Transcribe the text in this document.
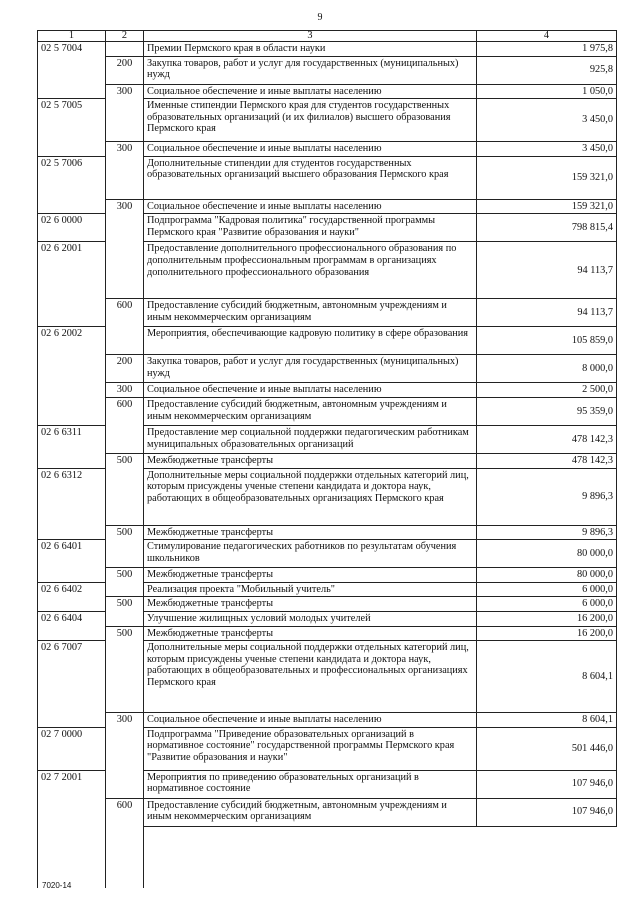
9
1	2	3	4
02 5 7004		Премии Пермского края в области науки	1 975,8
	200	Закупка товаров, работ и услуг для государственных (муниципальных) нужд	925,8
	300	Социальное обеспечение и иные выплаты населению	1 050,0
02 5 7005		Именные стипендии Пермского края для студентов государственных образовательных организаций (и их филиалов) высшего образования Пермского края	3 450,0
	300	Социальное обеспечение и иные выплаты населению	3 450,0
02 5 7006		Дополнительные стипендии для студентов государственных образовательных организаций высшего образования Пермского края	159 321,0
	300	Социальное обеспечение и иные выплаты населению	159 321,0
02 6 0000		Подпрограмма "Кадровая политика" государственной программы Пермского края "Развитие образования и науки"	798 815,4
02 6 2001		Предоставление дополнительного профессионального образования по дополнительным профессиональным программам в организациях дополнительного профессионального образования	94 113,7
	600	Предоставление субсидий бюджетным, автономным учреждениям и иным некоммерческим организациям	94 113,7
02 6 2002		Мероприятия, обеспечивающие кадровую политику в сфере образования	105 859,0
	200	Закупка товаров, работ и услуг для государственных (муниципальных) нужд	8 000,0
	300	Социальное обеспечение и иные выплаты населению	2 500,0
	600	Предоставление субсидий бюджетным, автономным учреждениям и иным некоммерческим организациям	95 359,0
02 6 6311		Предоставление мер социальной поддержки педагогическим работникам муниципальных образовательных организаций	478 142,3
	500	Межбюджетные трансферты	478 142,3
02 6 6312		Дополнительные меры социальной поддержки отдельных категорий лиц, которым присуждены ученые степени кандидата и доктора наук, работающих в общеобразовательных организациях Пермского края	9 896,3
	500	Межбюджетные трансферты	9 896,3
02 6 6401		Стимулирование педагогических работников по результатам обучения школьников	80 000,0
	500	Межбюджетные трансферты	80 000,0
02 6 6402		Реализация проекта "Мобильный учитель"	6 000,0
	500	Межбюджетные трансферты	6 000,0
02 6 6404		Улучшение жилищных условий молодых учителей	16 200,0
	500	Межбюджетные трансферты	16 200,0
02 6 7007		Дополнительные меры социальной поддержки отдельных категорий лиц, которым присуждены ученые степени кандидата и доктора наук, работающих в общеобразовательных и профессиональных организациях Пермского края	8 604,1
	300	Социальное обеспечение и иные выплаты населению	8 604,1
02 7 0000		Подпрограмма "Приведение образовательных организаций в нормативное состояние" государственной программы Пермского края "Развитие образования и науки"	501 446,0
02 7 2001		Мероприятия по приведению образовательных организаций в нормативное состояние	107 946,0
	600	Предоставление субсидий бюджетным, автономным учреждениям и иным некоммерческим организациям	107 946,0

7020-14
